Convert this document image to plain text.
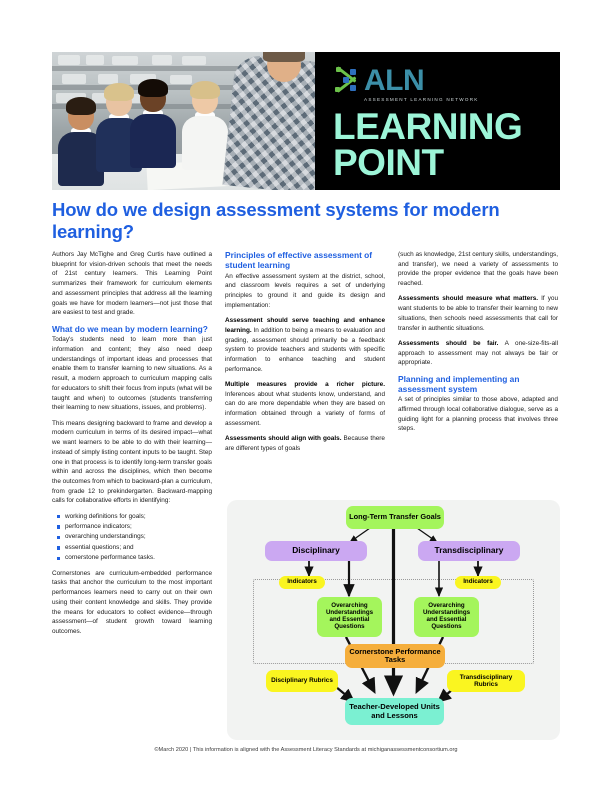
ALN
ASSESSMENT LEARNING NETWORK
LEARNING
POINT
How do we design assessment systems for modern learning?

Authors Jay McTighe and Greg Curtis have outlined a blueprint for vision-driven schools that meet the needs of 21st century learners. This Learning Point summarizes their framework for curriculum elements and assessment principles that address all the learning goals we have for modern learners—not just those that are easiest to test and grade.

What do we mean by modern learning?

Today's students need to learn more than just information and content; they also need deep understandings of important ideas and processes that enable them to transfer learning to new situations. As a result, a modern approach to curriculum mapping calls for educators to shift their focus from inputs (what will be taught and when) to outcomes (students transferring their learning to new situations, issues, and problems).

This means designing backward to frame and develop a modern curriculum in terms of its desired impact—what we want learners to be able to do with their learning—instead of simply listing content inputs to be taught. Step one in that process is to identify long-term transfer goals within and across the disciplines, which then become the outcomes from which to backward-plan a curriculum, from grade 12 to prekindergarten. Backward-mapping calls for collaborative efforts in identifying:

working definitions for goals;
performance indicators;
overarching understandings;
essential questions; and
cornerstone performance tasks.

Cornerstones are curriculum-embedded performance tasks that anchor the curriculum to the most important performances learners need to carry out on their own using their content knowledge and skills. They provide the means for educators to collect evidence—through assessment—of student growth toward learning outcomes.

Principles of effective assessment of student learning

An effective assessment system at the district, school, and classroom levels requires a set of underlying principles to ground it and guide its design and implementation:

Assessment should serve teaching and enhance learning. In addition to being a means to evaluation and grading, assessment should primarily be a feedback system to provide teachers and students with specific information to enhance teaching and student performance.

Multiple measures provide a richer picture. Inferences about what students know, understand, and can do are more dependable when they are based on information obtained through a variety of forms of assessment.

Assessments should align with goals. Because there are different types of goals

(such as knowledge, 21st century skills, understandings, and transfer), we need a variety of assessments to provide the proper evidence that the goals have been reached.

Assessments should measure what matters. If you want students to be able to transfer their learning to new situations, then schools need assessments that call for transfer in authentic situations.

Assessments should be fair. A one-size-fits-all approach to assessment may not always be fair or appropriate.

Planning and implementing an assessment system

A set of principles similar to those above, adapted and affirmed through local collaborative dialogue, serve as a guiding light for a planning process that involves three steps.

Long-Term Transfer Goals
Disciplinary	Transdisciplinary
Indicators	Indicators
Overarching Understandings and Essential Questions
Overarching Understandings and Essential Questions
Cornerstone Performance Tasks
Disciplinary Rubrics
Transdisciplinary Rubrics
Teacher-Developed Units and Lessons
©March 2020 | This information is aligned with the Assessment Literacy Standards at michiganassessmentconsortium.org
